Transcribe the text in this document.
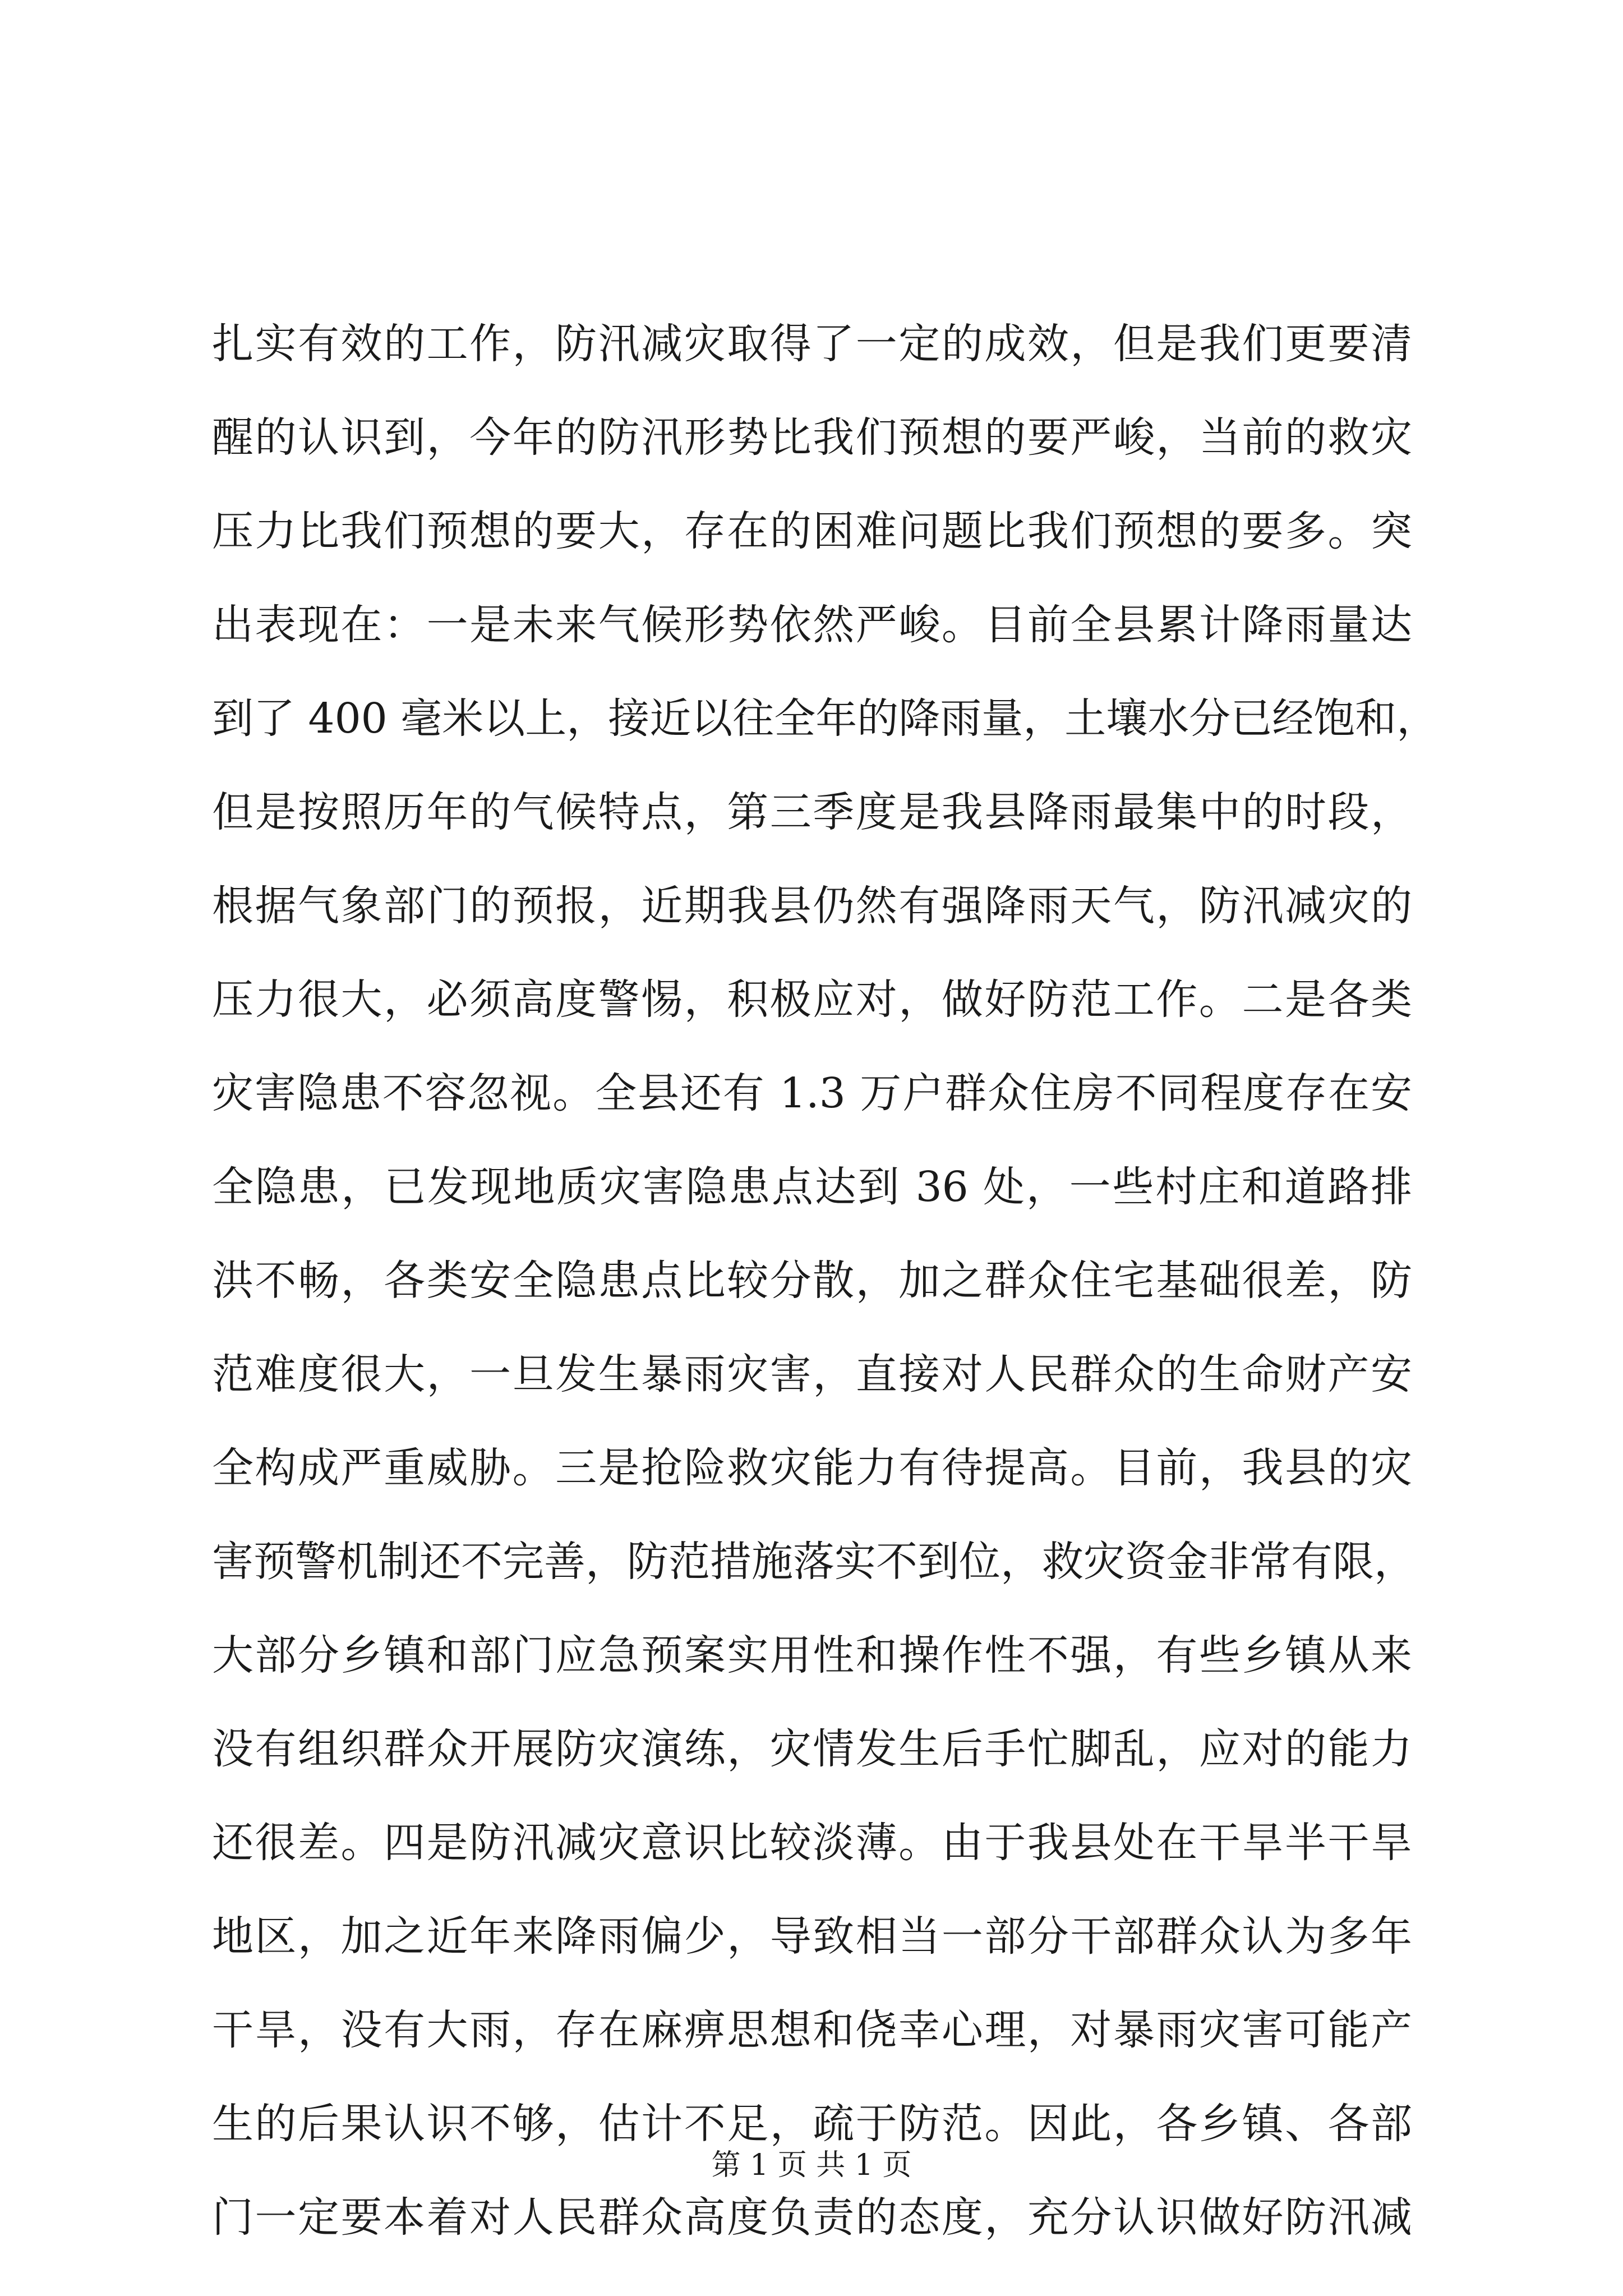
扎实有效的工作，防汛减灾取得了一定的成效，但是我们更要清
醒的认识到，今年的防汛形势比我们预想的要严峻，当前的救灾
压力比我们预想的要大，存在的困难问题比我们预想的要多。突
出表现在：一是未来气候形势依然严峻。目前全县累计降雨量达
到了 400 毫米以上，接近以往全年的降雨量，土壤水分已经饱和，
但是按照历年的气候特点，第三季度是我县降雨最集中的时段，
根据气象部门的预报，近期我县仍然有强降雨天气，防汛减灾的
压力很大，必须高度警惕，积极应对，做好防范工作。二是各类
灾害隐患不容忽视。全县还有 1.3 万户群众住房不同程度存在安
全隐患，已发现地质灾害隐患点达到 36 处，一些村庄和道路排
洪不畅，各类安全隐患点比较分散，加之群众住宅基础很差，防
范难度很大，一旦发生暴雨灾害，直接对人民群众的生命财产安
全构成严重威胁。三是抢险救灾能力有待提高。目前，我县的灾
害预警机制还不完善，防范措施落实不到位，救灾资金非常有限，
大部分乡镇和部门应急预案实用性和操作性不强，有些乡镇从来
没有组织群众开展防灾演练，灾情发生后手忙脚乱，应对的能力
还很差。四是防汛减灾意识比较淡薄。由于我县处在干旱半干旱
地区，加之近年来降雨偏少，导致相当一部分干部群众认为多年
干旱，没有大雨，存在麻痹思想和侥幸心理，对暴雨灾害可能产
生的后果认识不够，估计不足，疏于防范。因此，各乡镇、各部
门一定要本着对人民群众高度负责的态度，充分认识做好防汛减
第 1 页 共 1 页
